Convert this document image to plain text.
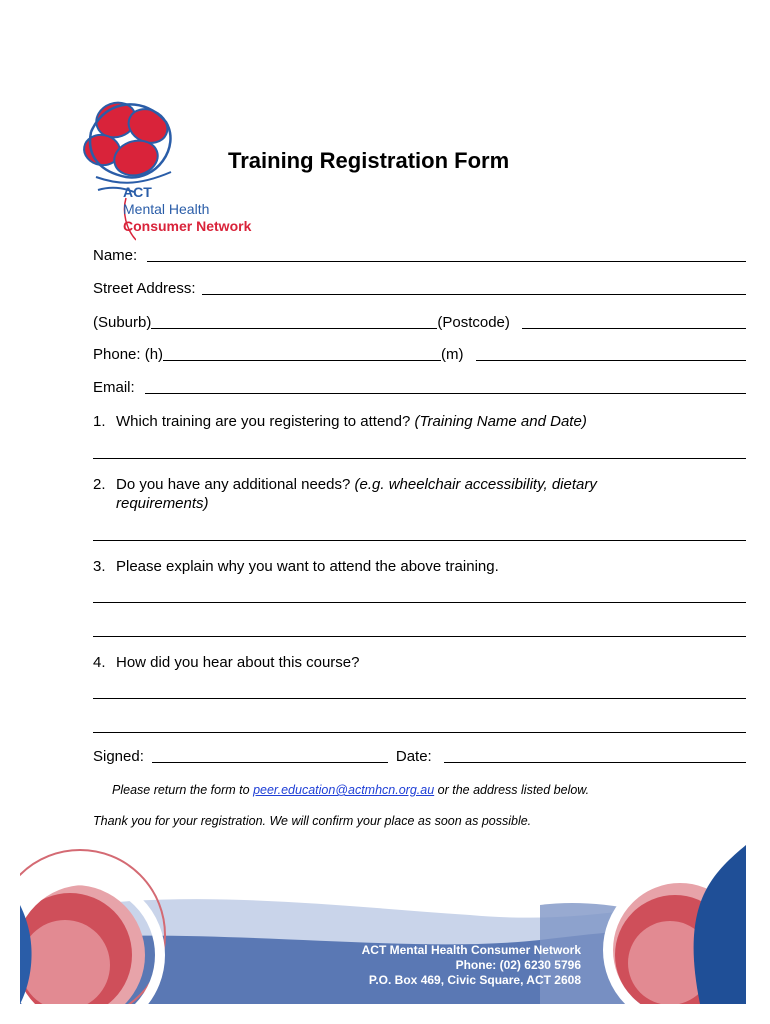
ACT
Mental Health
Consumer Network
Training Registration Form
Name:
Street Address:
(Suburb)	(Postcode)
Phone: (h)	(m)
Email:
1. Which training are you registering to attend? (Training Name and Date)
2. Do you have any additional needs? (e.g. wheelchair accessibility, dietary requirements)
3. Please explain why you want to attend the above training.
4. How did you hear about this course?
Signed:	Date:
Please return the form to peer.education@actmhcn.org.au or the address listed below.
Thank you for your registration. We will confirm your place as soon as possible.
ACT Mental Health Consumer Network
Phone: (02) 6230 5796
P.O. Box 469, Civic Square, ACT 2608
